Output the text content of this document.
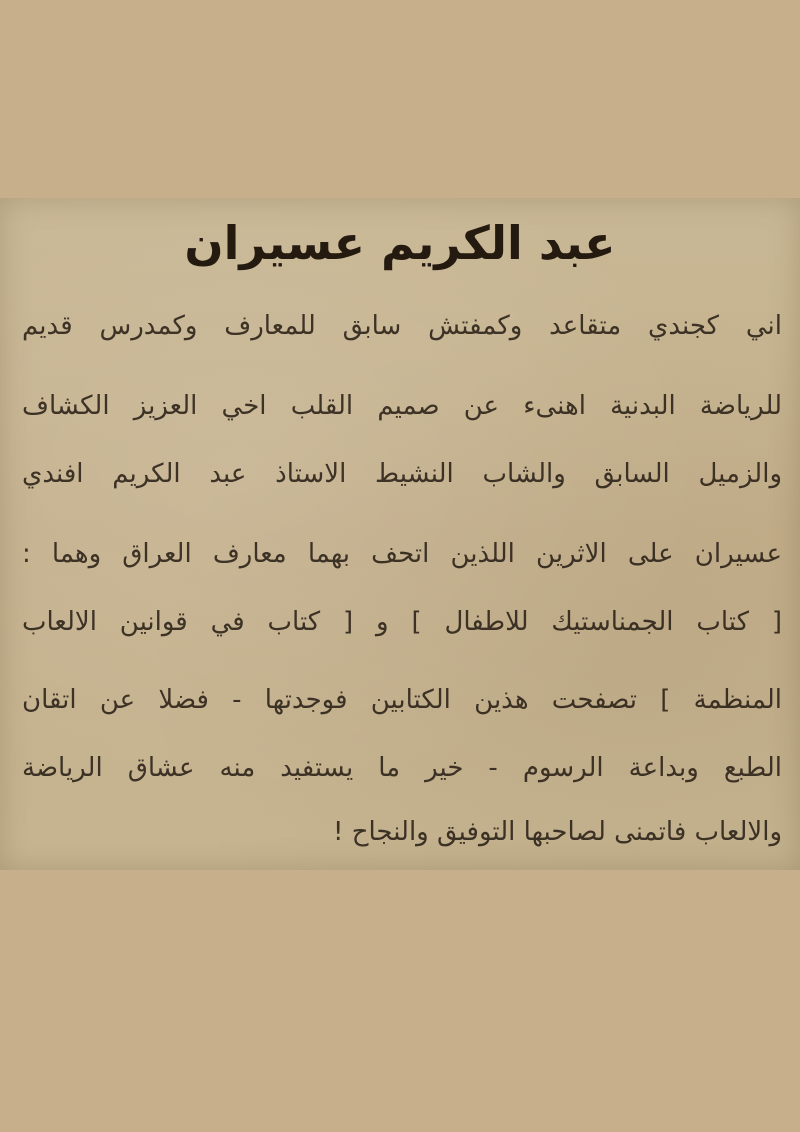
عبد الكريم عسيران

اني كجندي متقاعد وكمفتش سابق للمعارف وكمدرس قديم

للرياضة البدنية اهنىء عن صميم القلب اخي العزيز الكشاف

والزميل السابق والشاب النشيط الاستاذ عبد الكريم افندي

عسيران على الاثرين اللذين اتحف بهما معارف العراق وهما :

[ كتاب الجمناستيك للاطفال ] و [ كتاب في قوانين الالعاب

المنظمة ] تصفحت هذين الكتابين فوجدتها - فضلا عن اتقان

الطبع وبداعة الرسوم - خير ما يستفيد منه عشاق الرياضة

والالعاب فاتمنى لصاحبها التوفيق والنجاح !
